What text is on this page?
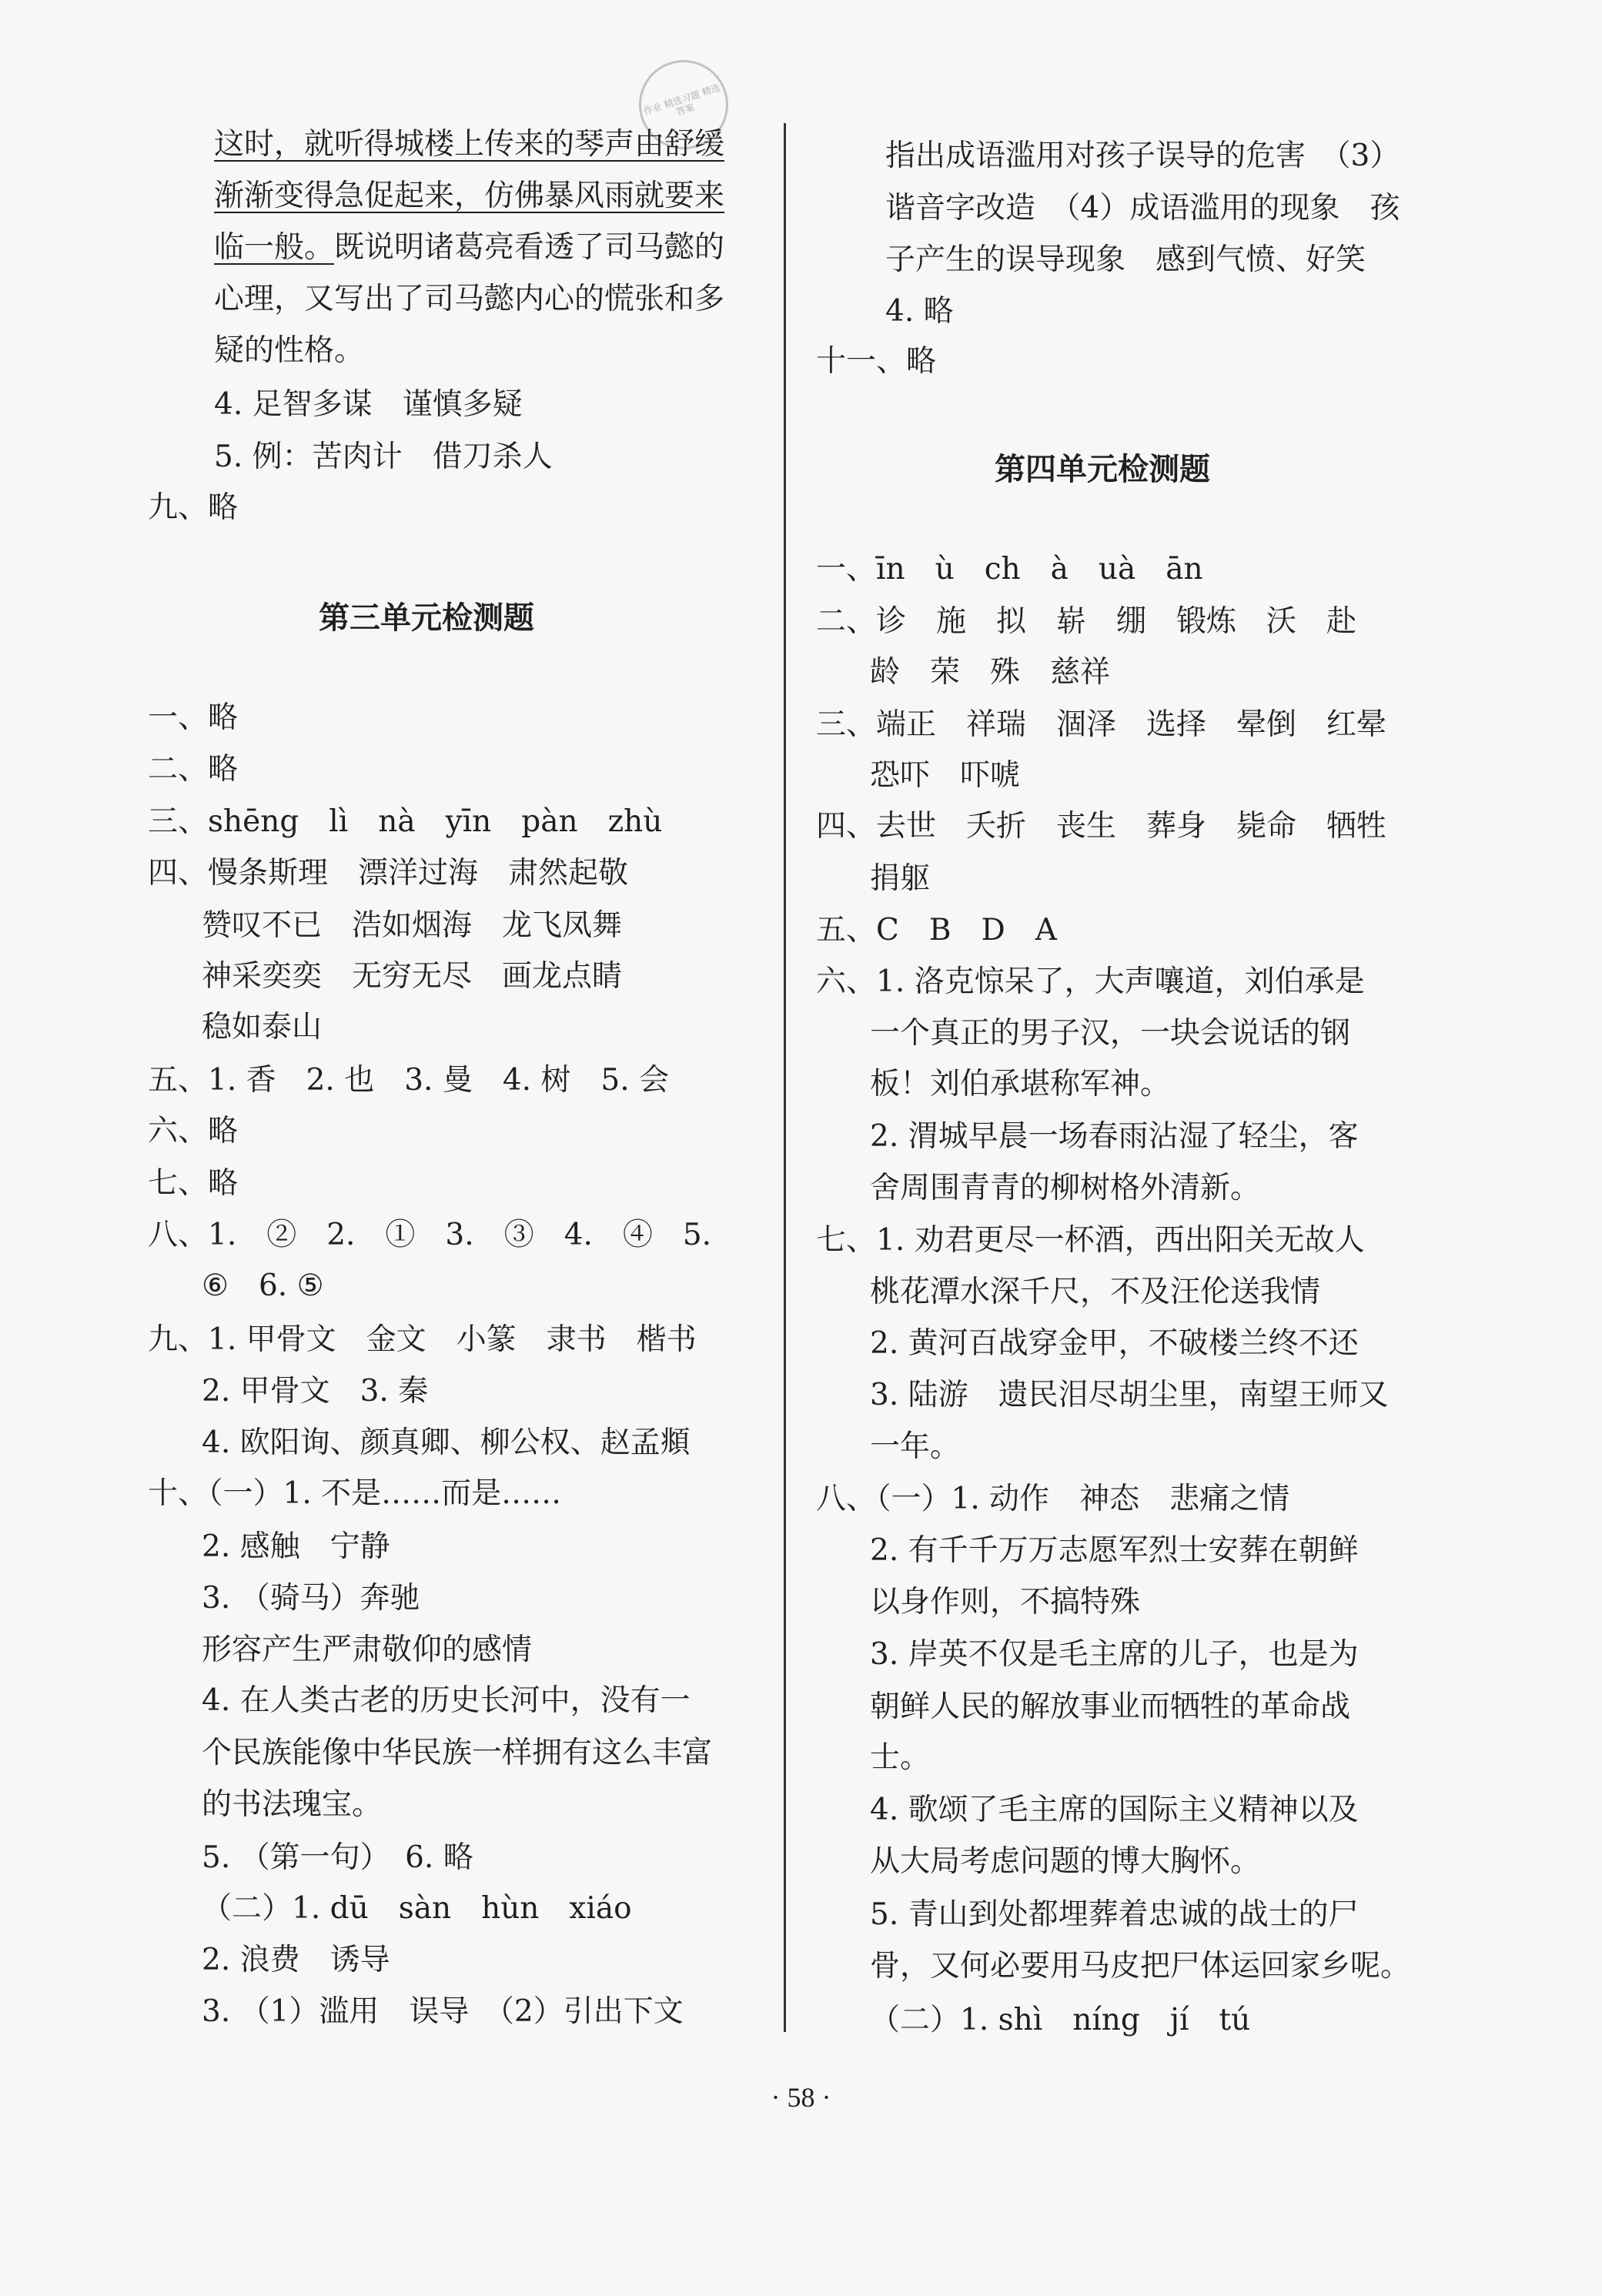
作业 精选习题 精选答案
这时，就听得城楼上传来的琴声由舒缓
渐渐变得急促起来，仿佛暴风雨就要来
临一般。既说明诸葛亮看透了司马懿的
心理，又写出了司马懿内心的慌张和多
疑的性格。
4. 足智多谋　谨慎多疑
5. 例：苦肉计　借刀杀人
九、略
第三单元检测题
一、略
二、略
三、shēng　lì　nà　yīn　pàn　zhù
四、慢条斯理　漂洋过海　肃然起敬
赞叹不已　浩如烟海　龙飞凤舞
神采奕奕　无穷无尽　画龙点睛
稳如泰山
五、1. 香　2. 也　3. 曼　4. 树　5. 会
六、略
七、略
八、1.　②　2.　①　3.　③　4.　④　5.
⑥　6. ⑤
九、1. 甲骨文　金文　小篆　隶书　楷书
2. 甲骨文　3. 秦
4. 欧阳询、颜真卿、柳公权、赵孟頫
十、（一）1. 不是……而是……
2. 感触　宁静
3. （骑马）奔驰
形容产生严肃敬仰的感情
4. 在人类古老的历史长河中，没有一
个民族能像中华民族一样拥有这么丰富
的书法瑰宝。
5. （第一句）　6. 略
（二）1. dū　sàn　hùn　xiáo
2. 浪费　诱导
3. （1）滥用　误导　（2）引出下文
指出成语滥用对孩子误导的危害　（3）
谐音字改造　（4）成语滥用的现象　孩
子产生的误导现象　感到气愤、好笑
4. 略
十一、略
第四单元检测题
一、īn　ù　ch　à　uà　ān
二、诊　施　拟　崭　绷　锻炼　沃　赴
龄　荣　殊　慈祥
三、端正　祥瑞　涸泽　选择　晕倒　红晕
恐吓　吓唬
四、去世　夭折　丧生　葬身　毙命　牺牲
捐躯
五、C　B　D　A
六、1. 洛克惊呆了，大声嚷道，刘伯承是
一个真正的男子汉，一块会说话的钢
板！刘伯承堪称军神。
2. 渭城早晨一场春雨沾湿了轻尘，客
舍周围青青的柳树格外清新。
七、1. 劝君更尽一杯酒，西出阳关无故人
桃花潭水深千尺，不及汪伦送我情
2. 黄河百战穿金甲，不破楼兰终不还
3. 陆游　遗民泪尽胡尘里，南望王师又
一年。
八、（一）1. 动作　神态　悲痛之情
2. 有千千万万志愿军烈士安葬在朝鲜
以身作则，不搞特殊
3. 岸英不仅是毛主席的儿子，也是为
朝鲜人民的解放事业而牺牲的革命战
士。
4. 歌颂了毛主席的国际主义精神以及
从大局考虑问题的博大胸怀。
5. 青山到处都埋葬着忠诚的战士的尸
骨，又何必要用马皮把尸体运回家乡呢。
（二）1. shì　níng　jí　tú
· 58 ·
